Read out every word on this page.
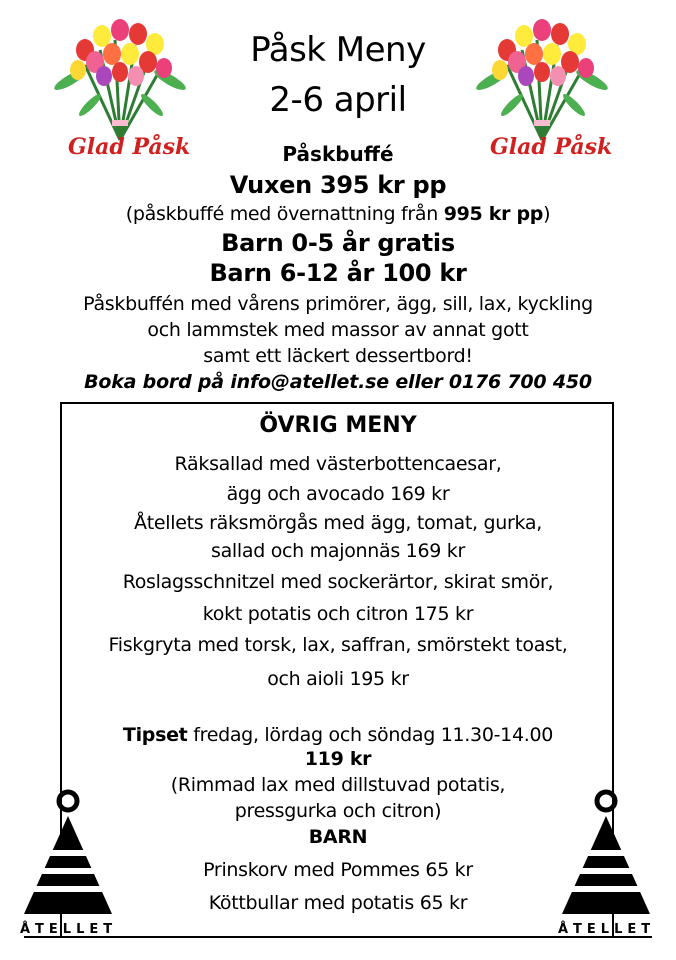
Glad Påsk	Glad Påsk
Påsk Meny
2-6 april
Påskbuffé
Vuxen 395 kr pp
(påskbuffé med övernattning från 995 kr pp)
Barn 0-5 år gratis
Barn 6-12 år 100 kr
Påskbuffén med vårens primörer, ägg, sill, lax, kyckling
och lammstek med massor av annat gott
samt ett läckert dessertbord!
Boka bord på info@atellet.se eller 0176 700 450
ÖVRIG MENY
Räksallad med västerbottencaesar,
ägg och avocado 169 kr
Åtellets räksmörgås med ägg, tomat, gurka,
sallad och majonnäs 169 kr
Roslagsschnitzel med sockerärtor, skirat smör,
kokt potatis och citron 175 kr
Fiskgryta med torsk, lax, saffran, smörstekt toast,
och aioli 195 kr
Tipset fredag, lördag och söndag 11.30-14.00
119 kr
(Rimmad lax med dillstuvad potatis,
pressgurka och citron)
BARN
Prinskorv med Pommes 65 kr
Köttbullar med potatis 65 kr
ÅTELLET	ÅTELLET
